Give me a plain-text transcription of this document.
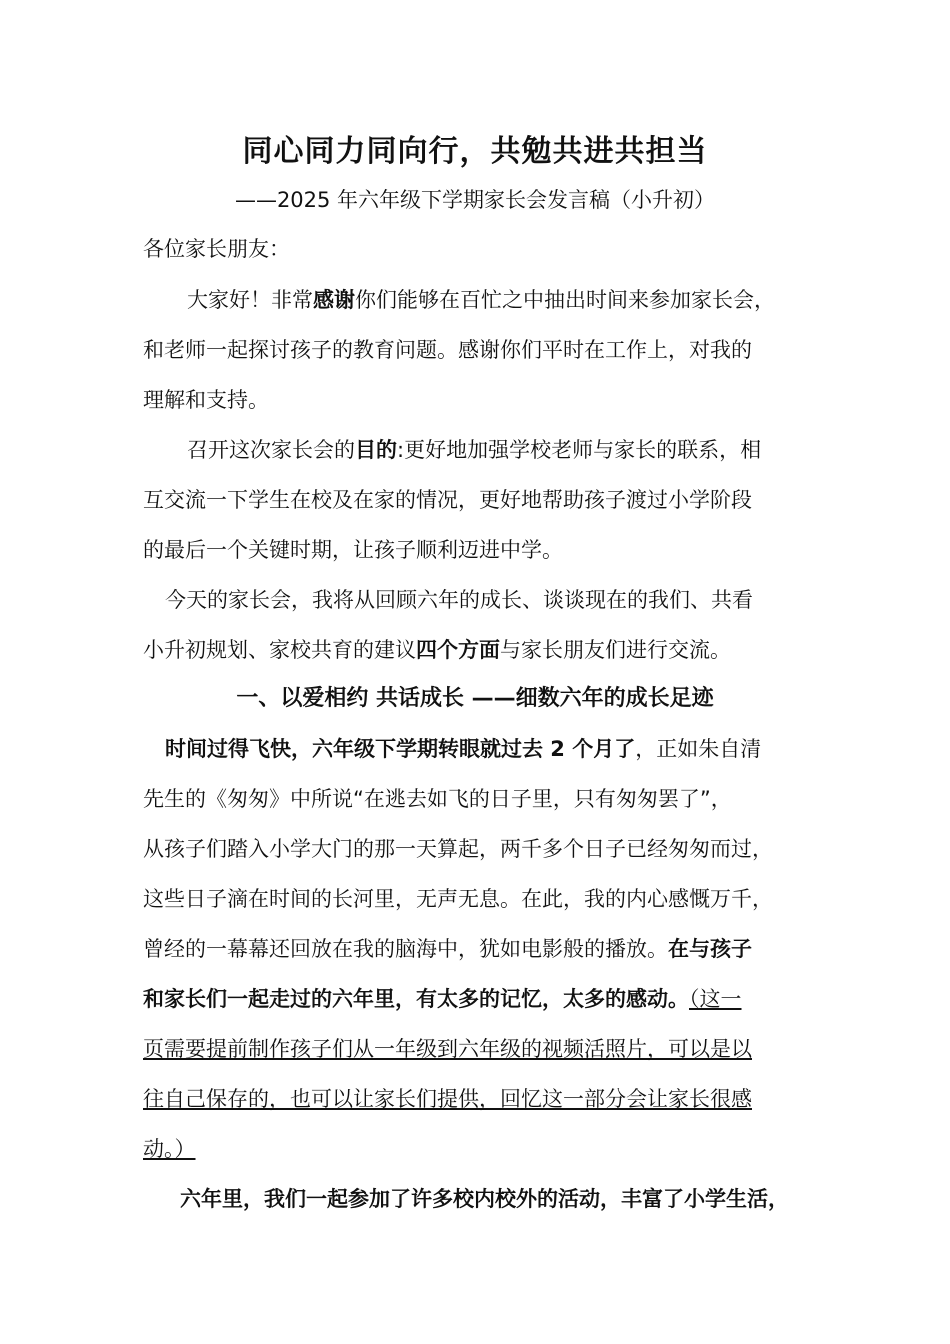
同心同力同向行，共勉共进共担当
——2025 年六年级下学期家长会发言稿（小升初）
各位家长朋友：
大家好！非常感谢你们能够在百忙之中抽出时间来参加家长会，
和老师一起探讨孩子的教育问题。感谢你们平时在工作上，对我的
理解和支持。
召开这次家长会的目的:更好地加强学校老师与家长的联系，相
互交流一下学生在校及在家的情况，更好地帮助孩子渡过小学阶段
的最后一个关键时期，让孩子顺利迈进中学。
今天的家长会，我将从回顾六年的成长、谈谈现在的我们、共看
小升初规划、家校共育的建议四个方面与家长朋友们进行交流。
一、以爱相约 共话成长 ——细数六年的成长足迹
时间过得飞快，六年级下学期转眼就过去 2 个月了，正如朱自清
先生的《匆匆》中所说“在逃去如飞的日子里，只有匆匆罢了”，
从孩子们踏入小学大门的那一天算起，两千多个日子已经匆匆而过，
这些日子滴在时间的长河里，无声无息。在此，我的内心感慨万千，
曾经的一幕幕还回放在我的脑海中，犹如电影般的播放。在与孩子
和家长们一起走过的六年里，有太多的记忆，太多的感动。（这一
页需要提前制作孩子们从一年级到六年级的视频活照片，可以是以
往自己保存的，也可以让家长们提供，回忆这一部分会让家长很感
动。）
六年里，我们一起参加了许多校内校外的活动，丰富了小学生活，
